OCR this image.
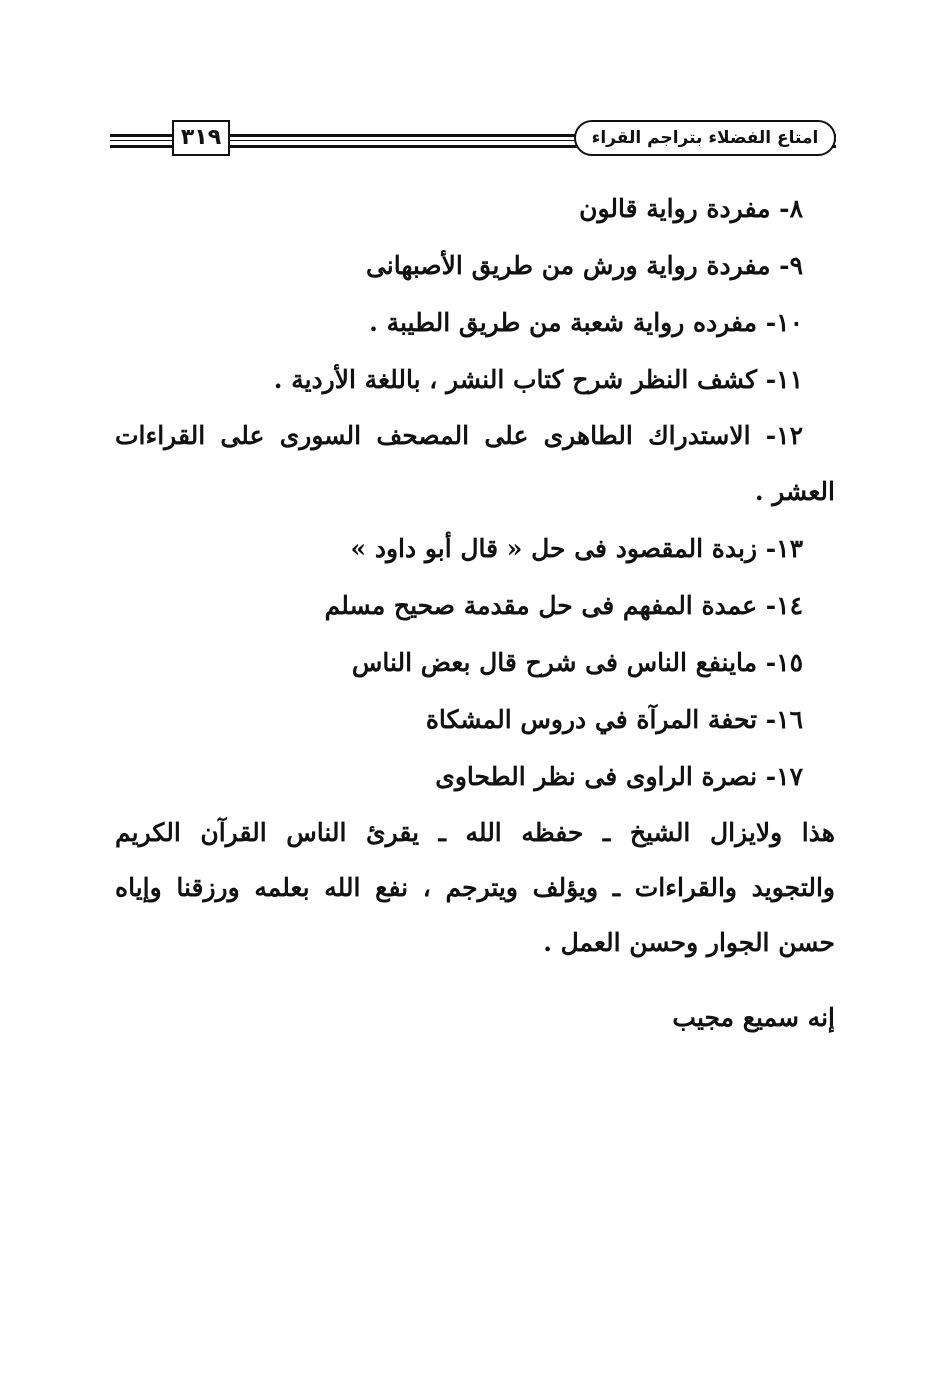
٣١٩	امتاع الفضلاء بتراجم القراء

٨- مفردة رواية قالون

٩- مفردة رواية ورش من طريق الأصبهانى

١٠- مفرده رواية شعبة من طريق الطيبة .

١١- كشف النظر شرح كتاب النشر ، باللغة الأردية .

١٢- الاستدراك الطاهرى على المصحف السورى على القراءات
العشر .

١٣- زبدة المقصود فى حل « قال أبو داود »

١٤- عمدة المفهم فى حل مقدمة صحيح مسلم

١٥- ماينفع الناس فى شرح قال بعض الناس

١٦- تحفة المرآة في دروس المشكاة

١٧- نصرة الراوى فى نظر الطحاوى

هذا ولايزال الشيخ ـ حفظه الله ـ يقرئ الناس القرآن الكريم
والتجويد والقراءات ـ ويؤلف ويترجم ، نفع الله بعلمه ورزقنا وإياه
حسن الجوار وحسن العمل .

إنه سميع مجيب
